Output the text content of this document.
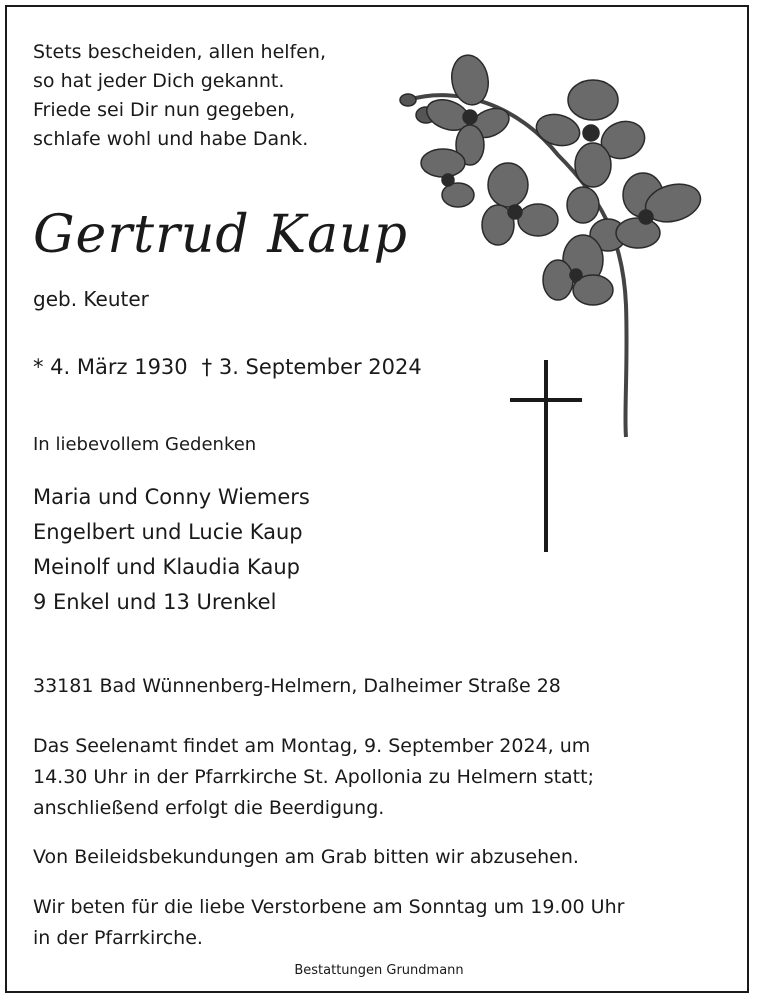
Stets bescheiden, allen helfen,
so hat jeder Dich gekannt.
Friede sei Dir nun gegeben,
schlafe wohl und habe Dank.
Gertrud Kaup
geb. Keuter
* 4. März 1930 † 3. September 2024
In liebevollem Gedenken
Maria und Conny Wiemers
Engelbert und Lucie Kaup
Meinolf und Klaudia Kaup
9 Enkel und 13 Urenkel
33181 Bad Wünnenberg-Helmern, Dalheimer Straße 28
Das Seelenamt findet am Montag, 9. September 2024, um
14.30 Uhr in der Pfarrkirche St. Apollonia zu Helmern statt;
anschließend erfolgt die Beerdigung.
Von Beileidsbekundungen am Grab bitten wir abzusehen.
Wir beten für die liebe Verstorbene am Sonntag um 19.00 Uhr
in der Pfarrkirche.
Bestattungen Grundmann
